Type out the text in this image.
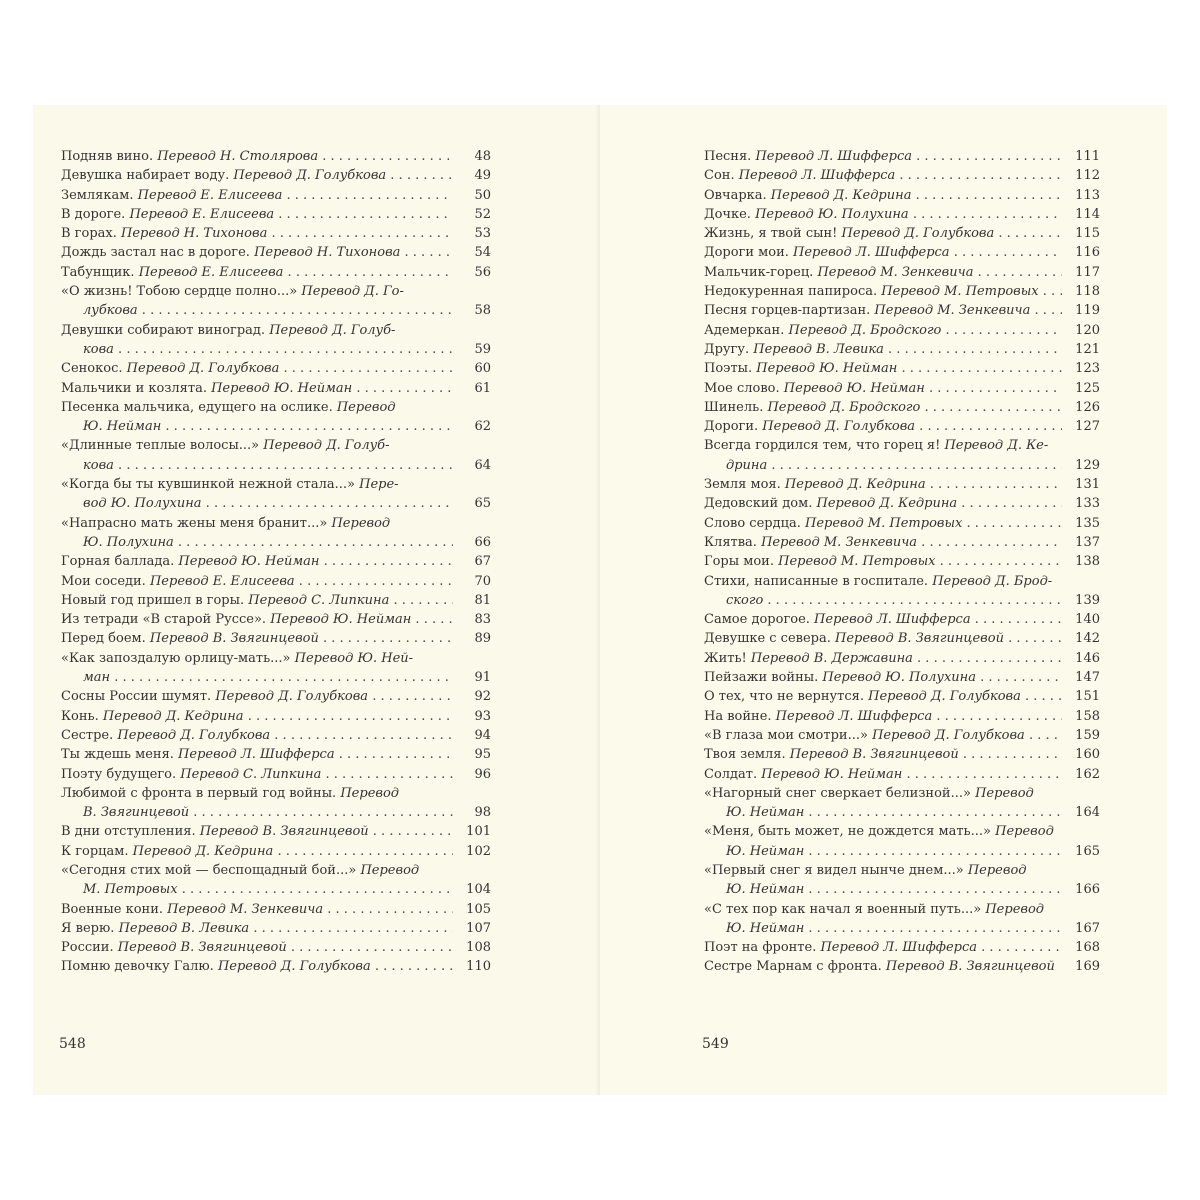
Подняв вино. Перевод Н. Столярова . . .	48
Девушка набирает воду. Перевод Д. Голубкова . . .	49
Землякам. Перевод Е. Елисеева . . .	50
В дороге. Перевод Е. Елисеева . . .	52
В горах. Перевод Н. Тихонова . . .	53
Дождь застал нас в дороге. Перевод Н. Тихонова . . .	54
Табунщик. Перевод Е. Елисеева . . .	56
«О жизнь! Тобою сердце полно...» Перевод Д. Го-
лубкова . . .	58
Девушки собирают виноград. Перевод Д. Голуб-
кова . . .	59
Сенокос. Перевод Д. Голубкова . . .	60
Мальчики и козлята. Перевод Ю. Нейман . . .	61
Песенка мальчика, едущего на ослике. Перевод
Ю. Нейман . . .	62
«Длинные теплые волосы...» Перевод Д. Голуб-
кова . . .	64
«Когда бы ты кувшинкой нежной стала...» Пере-
вод Ю. Полухина . . .	65
«Напрасно мать жены меня бранит...» Перевод
Ю. Полухина . . .	66
Горная баллада. Перевод Ю. Нейман . . .	67
Мои соседи. Перевод Е. Елисеева . . .	70
Новый год пришел в горы. Перевод С. Липкина . . .	81
Из тетради «В старой Руссе». Перевод Ю. Нейман . . .	83
Перед боем. Перевод В. Звягинцевой . . .	89
«Как запоздалую орлицу-мать...» Перевод Ю. Ней-
ман . . .	91
Сосны России шумят. Перевод Д. Голубкова . . .	92
Конь. Перевод Д. Кедрина . . .	93
Сестре. Перевод Д. Голубкова . . .	94
Ты ждешь меня. Перевод Л. Шифферса . . .	95
Поэту будущего. Перевод С. Липкина . . .	96
Любимой с фронта в первый год войны. Перевод
В. Звягинцевой . . .	98
В дни отступления. Перевод В. Звягинцевой . . .	101
К горцам. Перевод Д. Кедрина . . .	102
«Сегодня стих мой — беспощадный бой...» Перевод
М. Петровых . . .	104
Военные кони. Перевод М. Зенкевича . . .	105
Я верю. Перевод В. Левика . . .	107
России. Перевод В. Звягинцевой . . .	108
Помню девочку Галю. Перевод Д. Голубкова . . .	110
548
Песня. Перевод Л. Шифферса . . .	111
Сон. Перевод Л. Шифферса . . .	112
Овчарка. Перевод Д. Кедрина . . .	113
Дочке. Перевод Ю. Полухина . . .	114
Жизнь, я твой сын! Перевод Д. Голубкова . . .	115
Дороги мои. Перевод Л. Шифферса . . .	116
Мальчик-горец. Перевод М. Зенкевича . . .	117
Недокуренная папироса. Перевод М. Петровых . . .	118
Песня горцев-партизан. Перевод М. Зенкевича . . .	119
Адемеркан. Перевод Д. Бродского . . .	120
Другу. Перевод В. Левика . . .	121
Поэты. Перевод Ю. Нейман . . .	123
Мое слово. Перевод Ю. Нейман . . .	125
Шинель. Перевод Д. Бродского . . .	126
Дороги. Перевод Д. Голубкова . . .	127
Всегда гордился тем, что горец я! Перевод Д. Ке-
дрина . . .	129
Земля моя. Перевод Д. Кедрина . . .	131
Дедовский дом. Перевод Д. Кедрина . . .	133
Слово сердца. Перевод М. Петровых . . .	135
Клятва. Перевод М. Зенкевича . . .	137
Горы мои. Перевод М. Петровых . . .	138
Стихи, написанные в госпитале. Перевод Д. Брод-
ского . . .	139
Самое дорогое. Перевод Л. Шифферса . . .	140
Девушке с севера. Перевод В. Звягинцевой . . .	142
Жить! Перевод В. Державина . . .	146
Пейзажи войны. Перевод Ю. Полухина . . .	147
О тех, что не вернутся. Перевод Д. Голубкова . . .	151
На войне. Перевод Л. Шифферса . . .	158
«В глаза мои смотри...» Перевод Д. Голубкова . . .	159
Твоя земля. Перевод В. Звягинцевой . . .	160
Солдат. Перевод Ю. Нейман . . .	162
«Нагорный снег сверкает белизной...» Перевод
Ю. Нейман . . .	164
«Меня, быть может, не дождется мать...» Перевод
Ю. Нейман . . .	165
«Первый снег я видел нынче днем...» Перевод
Ю. Нейман . . .	166
«С тех пор как начал я военный путь...» Перевод
Ю. Нейман . . .	167
Поэт на фронте. Перевод Л. Шифферса . . .	168
Сестре Марнам с фронта. Перевод В. Звягинцевой	169
549
